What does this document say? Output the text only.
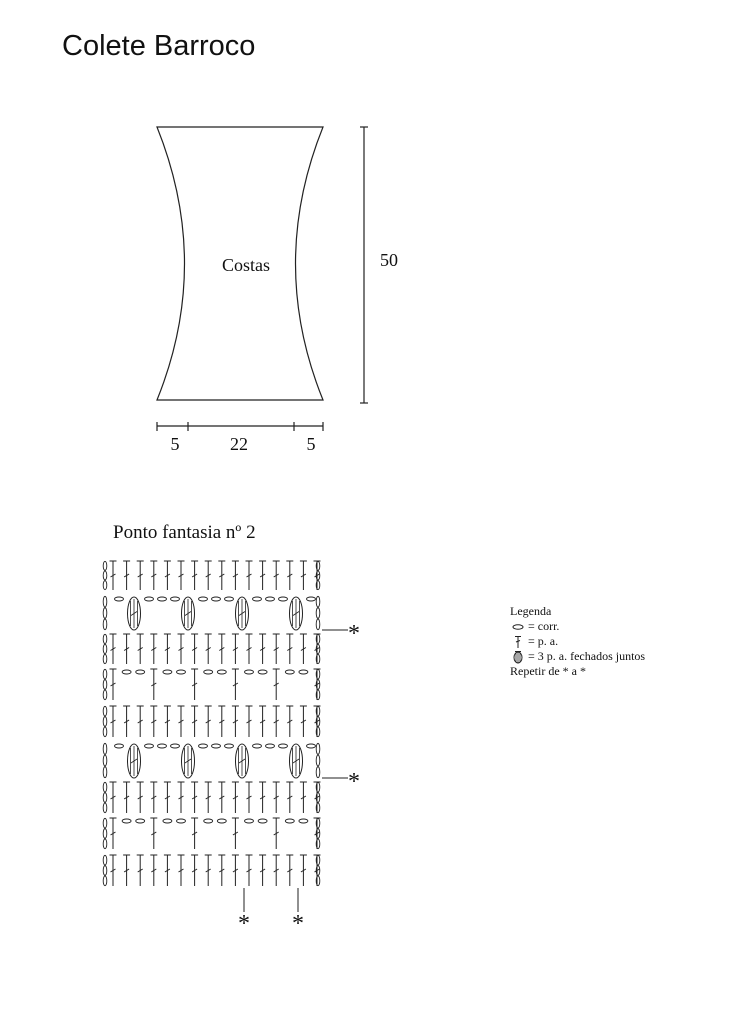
Colete Barroco
Costas	50
5	22	5
Ponto fantasia nº 2
*
*
* *
Legenda
= corr.
= p. a.
= 3 p. a. fechados juntos
Repetir de * a *
